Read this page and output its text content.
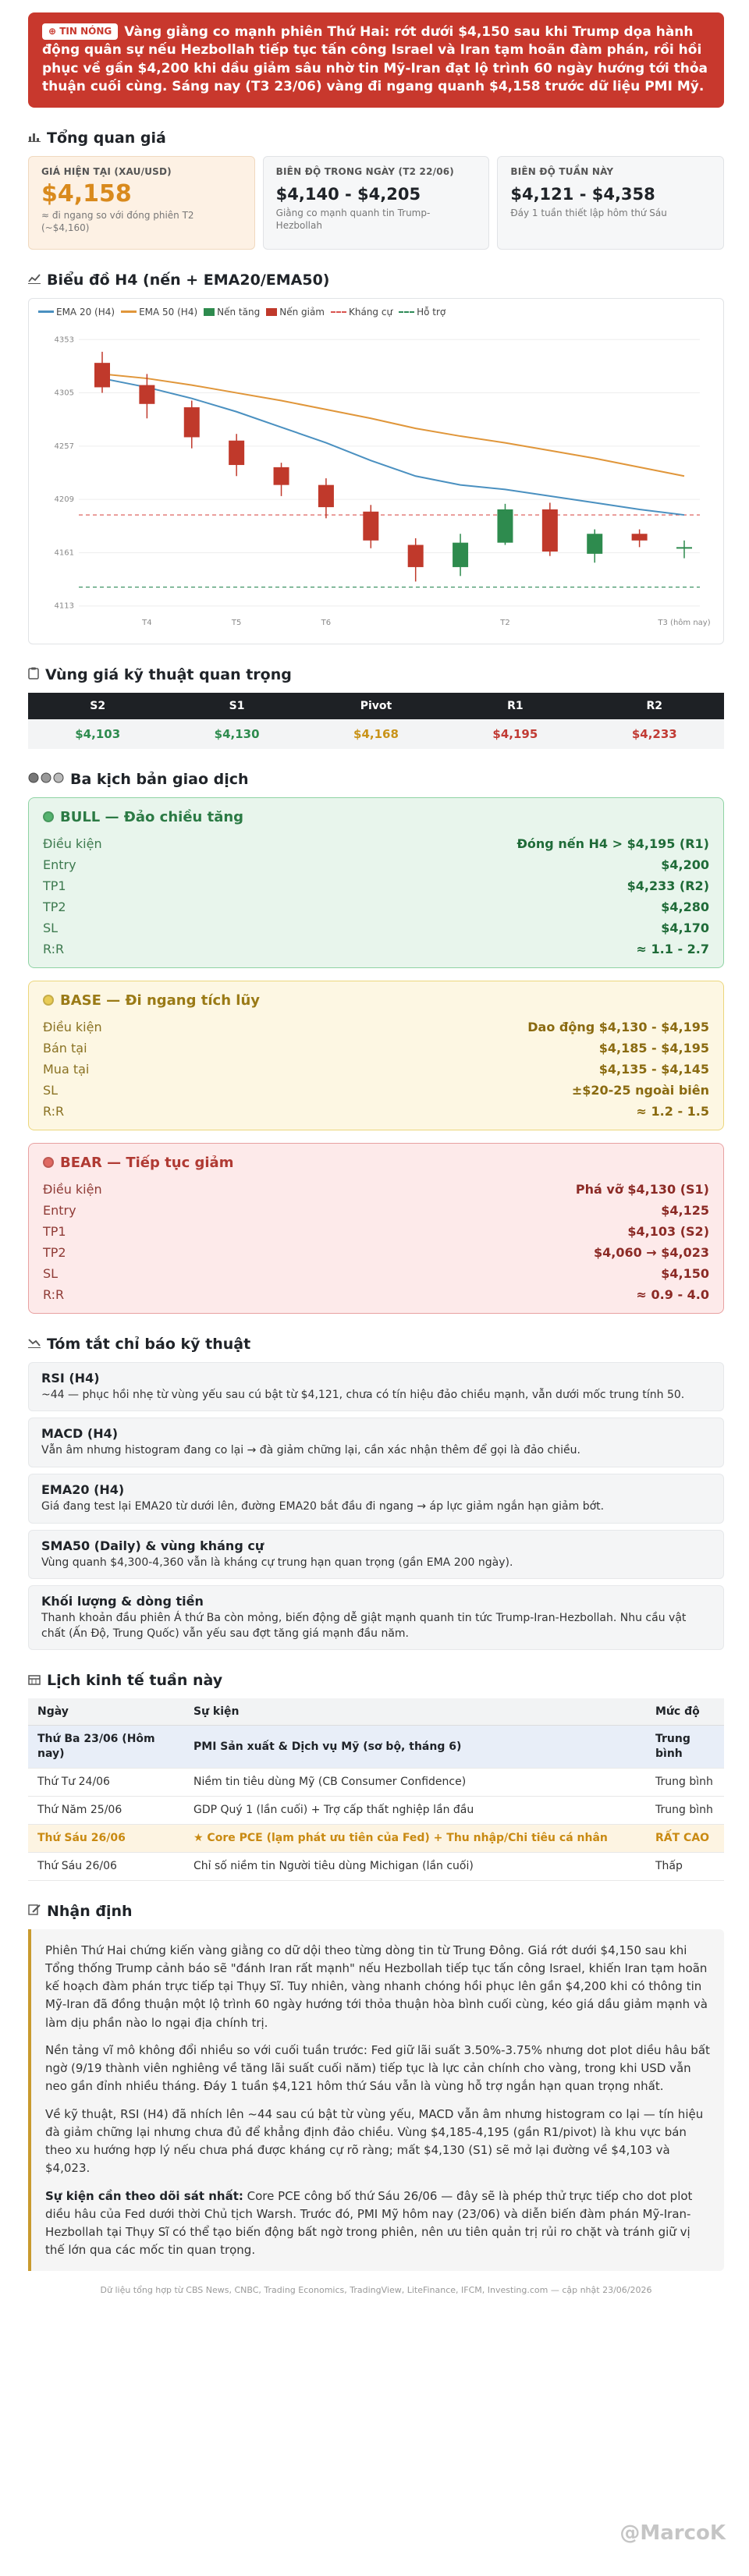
⊕ TIN NÓNG Vàng giằng co mạnh phiên Thứ Hai: rớt dưới $4,150 sau khi Trump dọa hành động quân sự nếu Hezbollah tiếp tục tấn công Israel và Iran tạm hoãn đàm phán, rồi hồi phục về gần $4,200 khi dầu giảm sâu nhờ tin Mỹ-Iran đạt lộ trình 60 ngày hướng tới thỏa thuận cuối cùng. Sáng nay (T3 23/06) vàng đi ngang quanh $4,158 trước dữ liệu PMI Mỹ.
Tổng quan giá
GIÁ HIỆN TẠI (XAU/USD)
$4,158
≈ đi ngang so với đóng phiên T2 (~$4,160)
BIÊN ĐỘ TRONG NGÀY (T2 22/06)
$4,140 - $4,205
Giằng co mạnh quanh tin Trump-Hezbollah
BIÊN ĐỘ TUẦN NÀY
$4,121 - $4,358
Đáy 1 tuần thiết lập hôm thứ Sáu
Biểu đồ H4 (nến + EMA20/EMA50)
EMA 20 (H4)	EMA 50 (H4) Nến tăng Nến giảm	Kháng cự	Hỗ trợ
4113
4161
4209
4257
4305
4353
T4	T5	T6	T2	T3 (hôm nay)
Vùng giá kỹ thuật quan trọng
S2	S1	Pivot	R1	R2
$4,103	$4,130	$4,168	$4,195	$4,233
Ba kịch bản giao dịch
BULL — Đảo chiều tăng
Điều kiện	Đóng nến H4 > $4,195 (R1)
Entry	$4,200
TP1	$4,233 (R2)
TP2	$4,280
SL	$4,170
R:R	≈ 1.1 - 2.7
BASE — Đi ngang tích lũy
Điều kiện	Dao động $4,130 - $4,195
Bán tại	$4,185 - $4,195
Mua tại	$4,135 - $4,145
SL	±$20-25 ngoài biên
R:R	≈ 1.2 - 1.5
BEAR — Tiếp tục giảm
Điều kiện	Phá vỡ $4,130 (S1)
Entry	$4,125
TP1	$4,103 (S2)
TP2	$4,060 → $4,023
SL	$4,150
R:R	≈ 0.9 - 4.0
Tóm tắt chỉ báo kỹ thuật
RSI (H4)
~44 — phục hồi nhẹ từ vùng yếu sau cú bật từ $4,121, chưa có tín hiệu đảo chiều mạnh, vẫn dưới mốc trung tính 50.
MACD (H4)
Vẫn âm nhưng histogram đang co lại → đà giảm chững lại, cần xác nhận thêm để gọi là đảo chiều.
EMA20 (H4)
Giá đang test lại EMA20 từ dưới lên, đường EMA20 bắt đầu đi ngang → áp lực giảm ngắn hạn giảm bớt.
SMA50 (Daily) & vùng kháng cự
Vùng quanh $4,300-4,360 vẫn là kháng cự trung hạn quan trọng (gần EMA 200 ngày).
Khối lượng & dòng tiền
Thanh khoản đầu phiên Á thứ Ba còn mỏng, biến động dễ giật mạnh quanh tin tức Trump-Iran-Hezbollah. Nhu cầu vật chất (Ấn Độ, Trung Quốc) vẫn yếu sau đợt tăng giá mạnh đầu năm.
Lịch kinh tế tuần này
Ngày	Sự kiện	Mức độ
Thứ Ba 23/06 (Hôm nay)	PMI Sản xuất & Dịch vụ Mỹ (sơ bộ, tháng 6)	Trung bình
Thứ Tư 24/06	Niềm tin tiêu dùng Mỹ (CB Consumer Confidence)	Trung bình
Thứ Năm 25/06	GDP Quý 1 (lần cuối) + Trợ cấp thất nghiệp lần đầu	Trung bình
Thứ Sáu 26/06	★ Core PCE (lạm phát ưu tiên của Fed) + Thu nhập/Chi tiêu cá nhân	RẤT CAO
Thứ Sáu 26/06	Chỉ số niềm tin Người tiêu dùng Michigan (lần cuối)	Thấp
Nhận định

Phiên Thứ Hai chứng kiến vàng giằng co dữ dội theo từng dòng tin từ Trung Đông. Giá rớt dưới $4,150 sau khi Tổng thống Trump cảnh báo sẽ "đánh Iran rất mạnh" nếu Hezbollah tiếp tục tấn công Israel, khiến Iran tạm hoãn kế hoạch đàm phán trực tiếp tại Thụy Sĩ. Tuy nhiên, vàng nhanh chóng hồi phục lên gần $4,200 khi có thông tin Mỹ-Iran đã đồng thuận một lộ trình 60 ngày hướng tới thỏa thuận hòa bình cuối cùng, kéo giá dầu giảm mạnh và làm dịu phần nào lo ngại địa chính trị.

Nền tảng vĩ mô không đổi nhiều so với cuối tuần trước: Fed giữ lãi suất 3.50%-3.75% nhưng dot plot diều hâu bất ngờ (9/19 thành viên nghiêng về tăng lãi suất cuối năm) tiếp tục là lực cản chính cho vàng, trong khi USD vẫn neo gần đỉnh nhiều tháng. Đáy 1 tuần $4,121 hôm thứ Sáu vẫn là vùng hỗ trợ ngắn hạn quan trọng nhất.

Về kỹ thuật, RSI (H4) đã nhích lên ~44 sau cú bật từ vùng yếu, MACD vẫn âm nhưng histogram co lại — tín hiệu đà giảm chững lại nhưng chưa đủ để khẳng định đảo chiều. Vùng $4,185-4,195 (gần R1/pivot) là khu vực bán theo xu hướng hợp lý nếu chưa phá được kháng cự rõ ràng; mất $4,130 (S1) sẽ mở lại đường về $4,103 và $4,023.

Sự kiện cần theo dõi sát nhất: Core PCE công bố thứ Sáu 26/06 — đây sẽ là phép thử trực tiếp cho dot plot diều hâu của Fed dưới thời Chủ tịch Warsh. Trước đó, PMI Mỹ hôm nay (23/06) và diễn biến đàm phán Mỹ-Iran-Hezbollah tại Thụy Sĩ có thể tạo biến động bất ngờ trong phiên, nên ưu tiên quản trị rủi ro chặt và tránh giữ vị thế lớn qua các mốc tin quan trọng.

Dữ liệu tổng hợp từ CBS News, CNBC, Trading Economics, TradingView, LiteFinance, IFCM, Investing.com — cập nhật 23/06/2026
@MarcoK
